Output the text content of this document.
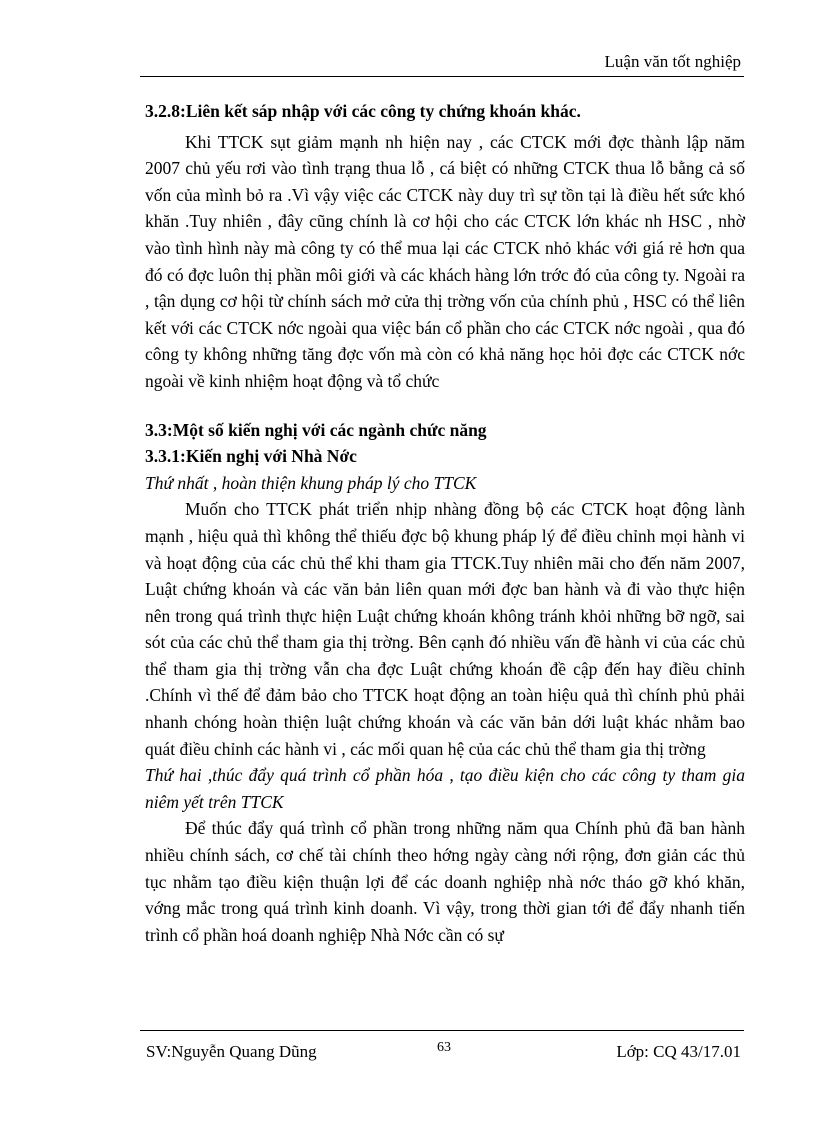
Luận văn tốt nghiệp

3.2.8:Liên kết sáp nhập với các công ty chứng khoán khác.

Khi TTCK sụt giảm mạnh nh hiện nay , các CTCK mới đợc thành lập năm 2007 chủ yếu rơi vào tình trạng thua lỗ , cá biệt có những CTCK thua lỗ bằng cả số vốn của mình bỏ ra .Vì vậy việc các CTCK này duy trì sự tồn tại là điều hết sức khó khăn .Tuy nhiên , đây cũng chính là cơ hội cho các CTCK lớn khác nh HSC , nhờ vào tình hình này mà công ty có thể mua lại các CTCK nhỏ khác với giá rẻ hơn qua đó có đợc luôn thị phần môi giới và các khách hàng lớn trớc đó của công ty. Ngoài ra , tận dụng cơ hội từ chính sách mở cửa thị trờng vốn của chính phủ , HSC có thể liên kết với các CTCK nớc ngoài qua việc bán cổ phần cho các CTCK nớc ngoài , qua đó công ty không những tăng đợc vốn mà còn có khả năng học hỏi đợc các CTCK nớc ngoài về kinh nhiệm hoạt động và tổ chức

3.3:Một số kiến nghị với các ngành chức năng

3.3.1:Kiến nghị với Nhà Nớc

Thứ nhất , hoàn thiện khung pháp lý cho TTCK

Muốn cho TTCK phát triển nhịp nhàng đồng bộ các CTCK hoạt động lành mạnh , hiệu quả thì không thể thiếu đợc bộ khung pháp lý để điều chỉnh mọi hành vi và hoạt động của các chủ thể khi tham gia TTCK.Tuy nhiên mãi cho đến năm 2007, Luật chứng khoán và các văn bản liên quan mới đợc ban hành và đi vào thực hiện nên trong quá trình thực hiện Luật chứng khoán không tránh khỏi những bỡ ngỡ, sai sót của các chủ thể tham gia thị trờng. Bên cạnh đó nhiều vấn đề hành vi của các chủ thể tham gia thị trờng vẫn cha đợc Luật chứng khoán đề cập đến hay điều chỉnh .Chính vì thế để đảm bảo cho TTCK hoạt động an toàn hiệu quả thì chính phủ phải nhanh chóng hoàn thiện luật chứng khoán và các văn bản dới luật khác nhằm bao quát điều chỉnh các hành vi , các mối quan hệ của các chủ thể tham gia thị trờng

Thứ hai ,thúc đẩy quá trình cổ phần hóa , tạo điều kiện cho các công ty tham gia niêm yết trên TTCK

Để thúc đẩy quá trình cổ phần trong những năm qua Chính phủ đã ban hành nhiều chính sách, cơ chế tài chính theo hớng ngày càng nới rộng, đơn giản các thủ tục nhằm tạo điều kiện thuận lợi để các doanh nghiệp nhà nớc tháo gỡ khó khăn, vớng mắc trong quá trình kinh doanh. Vì vậy, trong thời gian tới để đẩy nhanh tiến trình cổ phần hoá doanh nghiệp Nhà Nớc cần có sự

SV:Nguyễn Quang Dũng	63	Lớp: CQ 43/17.01
